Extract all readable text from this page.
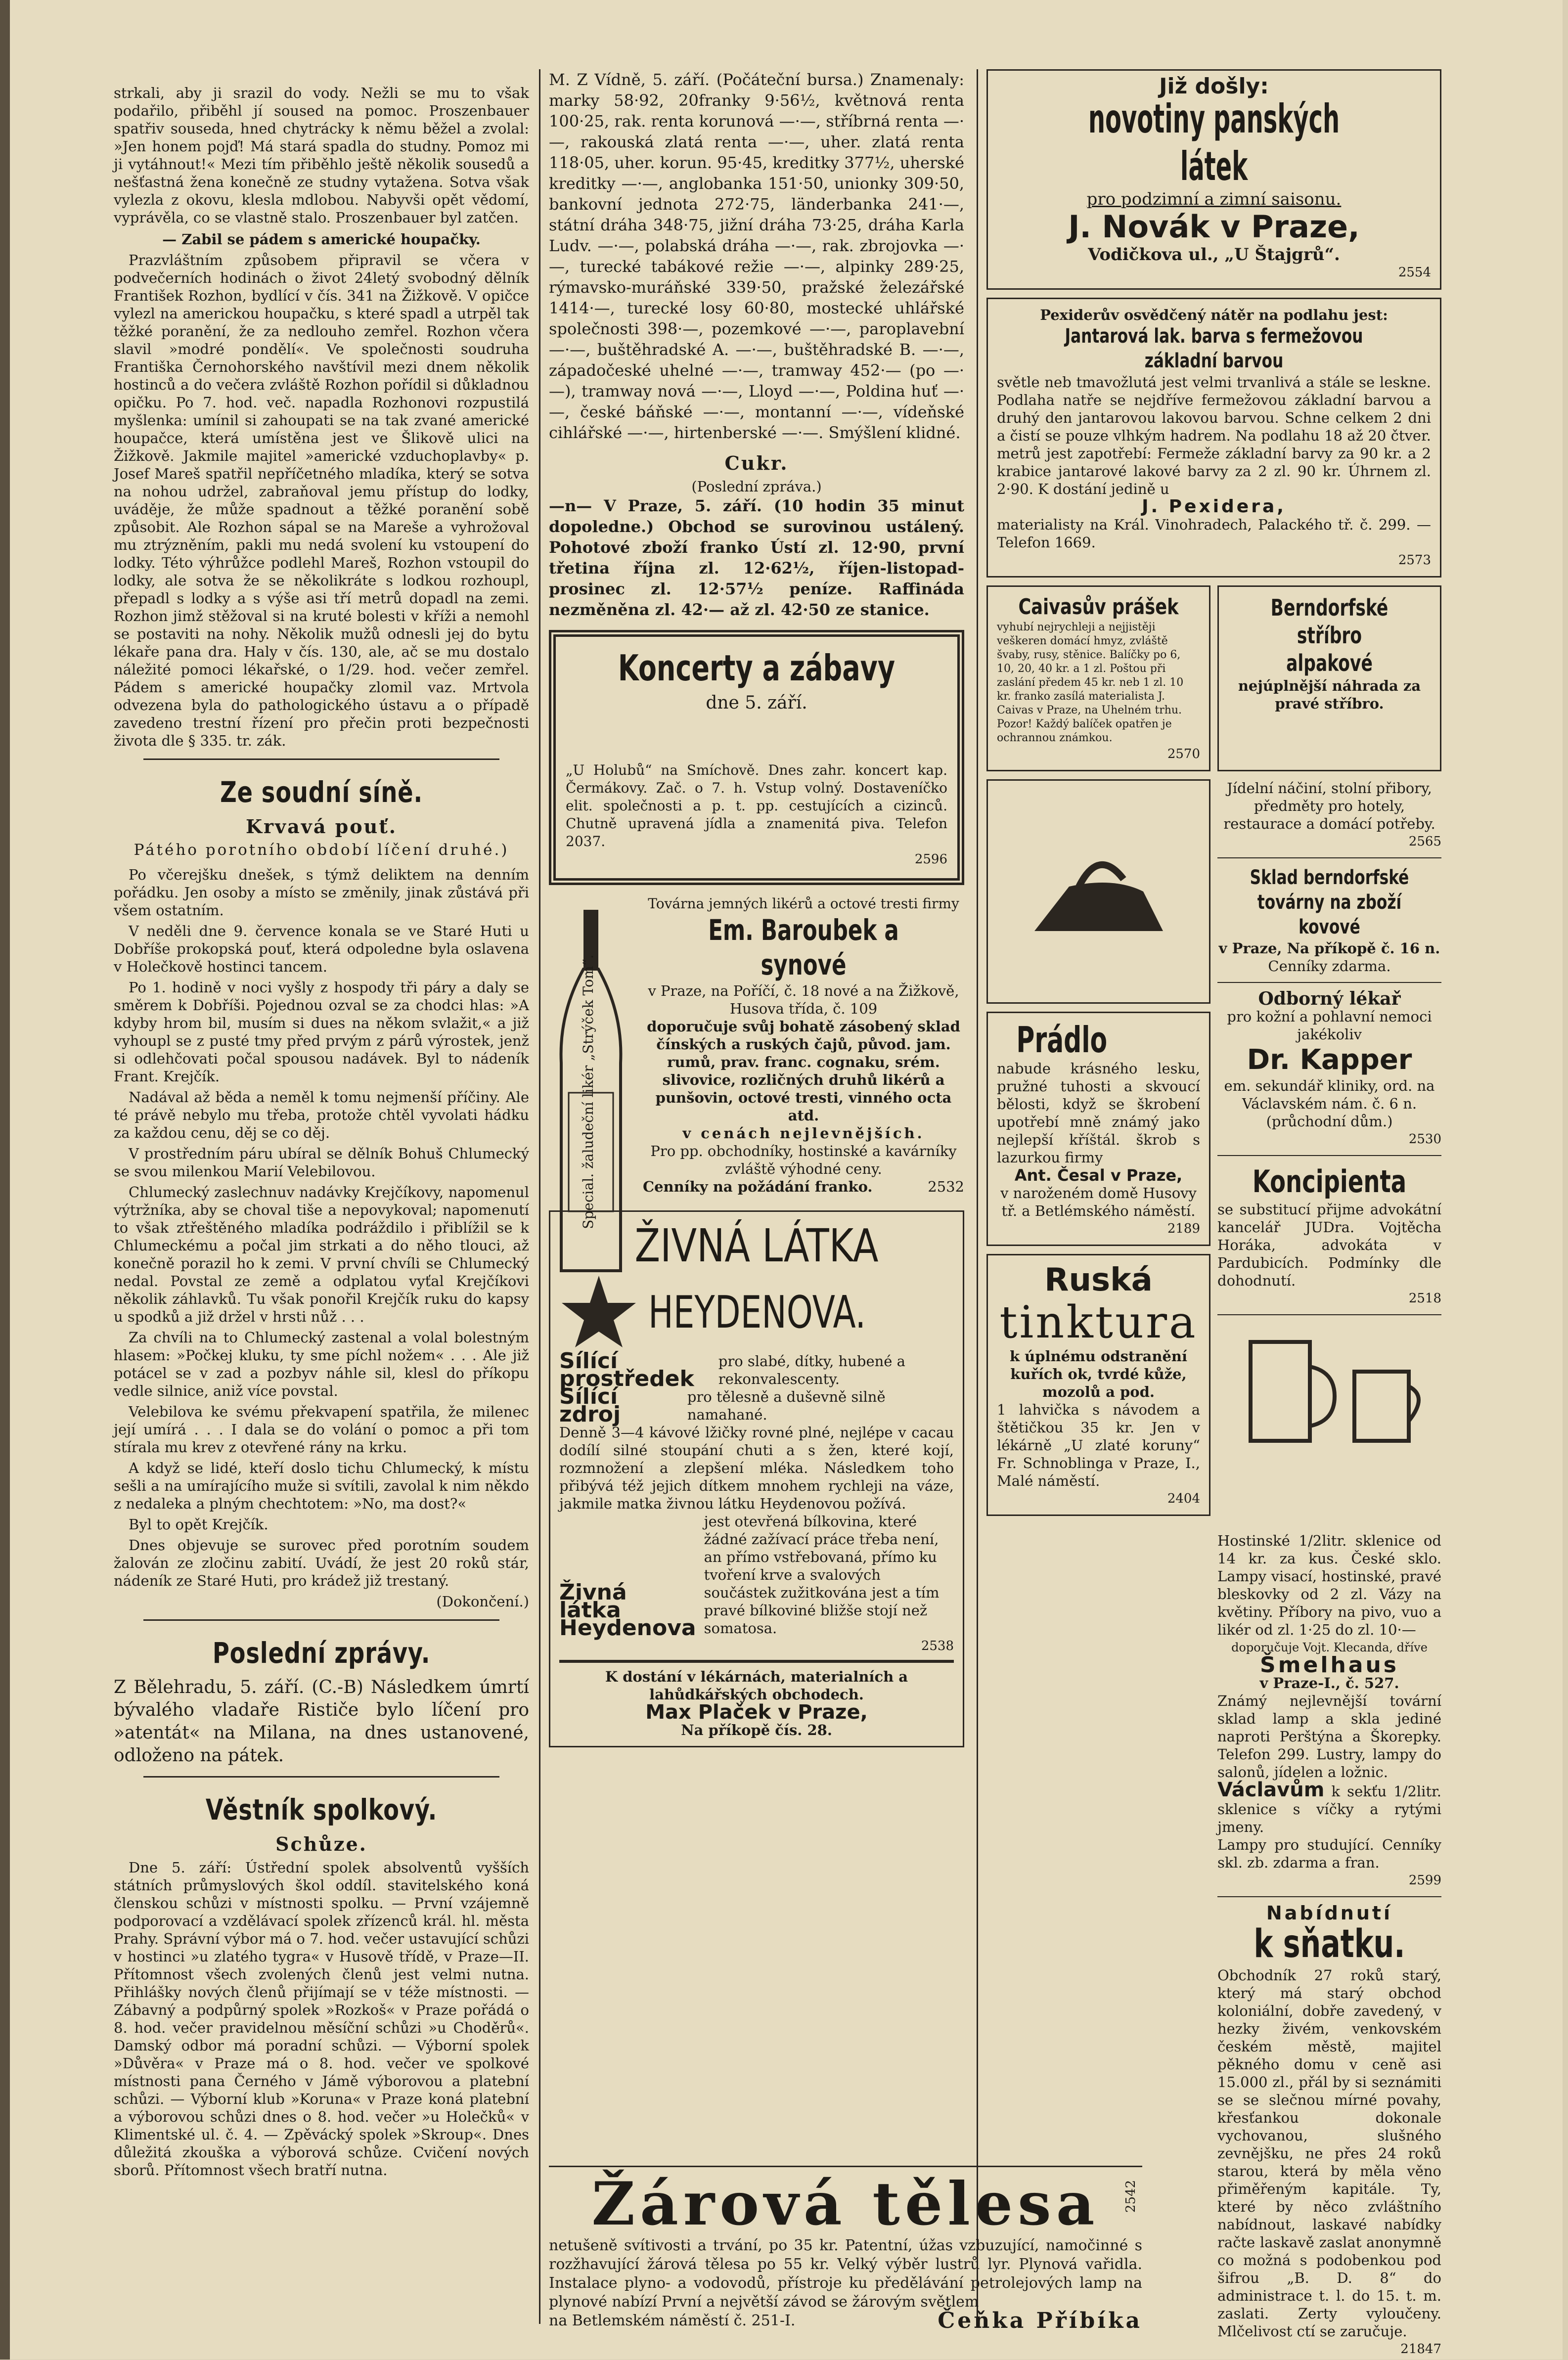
strkali, aby ji srazil do vody. Nežli se mu to však podařilo, přiběhl jí soused na pomoc. Proszenbauer spatřiv souseda, hned chytrácky k němu běžel a zvolal: »Jen honem pojď! Má stará spadla do studny. Pomoz mi ji vytáhnout!« Mezi tím přiběhlo ještě několik sousedů a nešťastná žena konečně ze studny vytažena. Sotva však vylezla z okovu, klesla mdlobou. Nabyvši opět vědomí, vyprávěla, co se vlastně stalo. Proszenbauer byl zatčen.

— Zabil se pádem s americké houpačky.

Prazvláštním způsobem připravil se včera v podvečerních hodinách o život 24letý svobodný dělník František Rozhon, bydlící v čís. 341 na Žižkově. V opičce vylezl na americkou houpačku, s které spadl a utrpěl tak těžké poranění, že za nedlouho zemřel. Rozhon včera slavil »modré pondělí«. Ve společnosti soudruha Františka Černohorského navštívil mezi dnem několik hostinců a do večera zvláště Rozhon pořídil si důkladnou opičku. Po 7. hod. več. napadla Rozhonovi rozpustilá myšlenka: umínil si zahoupati se na tak zvané americké houpačce, která umístěna jest ve Šlikově ulici na Žižkově. Jakmile majitel »americké vzduchoplavby« p. Josef Mareš spatřil nepříčetného mladíka, který se sotva na nohou udržel, zabraňoval jemu přístup do lodky, uváděje, že může spadnout a těžké poranění sobě způsobit. Ale Rozhon sápal se na Mareše a vyhrožoval mu ztrýzněním, pakli mu nedá svolení ku vstoupení do lodky. Této výhrůžce podlehl Mareš, Rozhon vstoupil do lodky, ale sotva že se několikráte s lodkou rozhoupl, přepadl s lodky a s výše asi tří metrů dopadl na zemi. Rozhon jimž stěžoval si na kruté bolesti v kříži a nemohl se postaviti na nohy. Několik mužů odnesli jej do bytu lékaře pana dra. Haly v čís. 130, ale, ač se mu dostalo náležité pomoci lékařské, o 1/29. hod. večer zemřel. Pádem s americké houpačky zlomil vaz. Mrtvola odvezena byla do pathologického ústavu a o případě zavedeno trestní řízení pro přečin proti bezpečnosti života dle § 335. tr. zák.

Ze soudní síně.
Krvavá pouť.
Pátého porotního období líčení druhé.)

Po včerejšku dnešek, s týmž deliktem na denním pořádku. Jen osoby a místo se změnily, jinak zůstává při všem ostatním.

V neděli dne 9. července konala se ve Staré Huti u Dobříše prokopská pouť, která odpoledne byla oslavena v Holečkově hostinci tancem.

Po 1. hodině v noci vyšly z hospody tři páry a daly se směrem k Dobříši. Pojednou ozval se za chodci hlas: »A kdyby hrom bil, musím si dues na někom svlažit,« a již vyhoupl se z pusté tmy před prvým z párů výrostek, jenž si odlehčovati počal spousou nadávek. Byl to nádeník Frant. Krejčík.

Nadával až běda a neměl k tomu nejmenší příčiny. Ale té právě nebylo mu třeba, protože chtěl vyvolati hádku za každou cenu, děj se co děj.

V prostředním páru ubíral se dělník Bohuš Chlumecký se svou milenkou Marií Velebilovou.

Chlumecký zaslechnuv nadávky Krejčíkovy, napomenul výtržníka, aby se choval tiše a nepovykoval; napomenutí to však ztřeštěného mladíka podráždilo i přiblížil se k Chlumeckému a počal jim strkati a do něho tlouci, až konečně porazil ho k zemi. V první chvíli se Chlumecký nedal. Povstal ze země a odplatou vyťal Krejčíkovi několik záhlavků. Tu však ponořil Krejčík ruku do kapsy u spodků a již držel v hrsti nůž . . .

Za chvíli na to Chlumecký zastenal a volal bolestným hlasem: »Počkej kluku, ty sme píchl nožem« . . . Ale již potácel se v zad a pozbyv náhle sil, klesl do příkopu vedle silnice, aniž více povstal.

Velebilova ke svému překvapení spatřila, že milenec její umírá . . . I dala se do volání o pomoc a při tom stírala mu krev z otevřené rány na krku.

A když se lidé, kteří doslo tichu Chlumecký, k místu sešli a na umírajícího muže si svítili, zavolal k nim někdo z nedaleka a plným chechtotem: »No, ma dost?«

Byl to opět Krejčík.

Dnes objevuje se surovec před porotním soudem žalován ze zločinu zabití. Uvádí, že jest 20 roků stár, nádeník ze Staré Huti, pro krádež již trestaný.

(Dokončení.)

Poslední zprávy.

Z Bělehradu, 5. září. (C.-B) Následkem úmrtí bývalého vladaře Rističe bylo líčení pro »atentát« na Milana, na dnes ustanovené, odloženo na pátek.

Věstník spolkový.
Schůze.

Dne 5. září: Ústřední spolek absolventů vyšších státních průmyslových škol oddíl. stavitelského koná členskou schůzi v místnosti spolku. — První vzájemně podporovací a vzdělávací spolek zřízenců král. hl. města Prahy. Správní výbor má o 7. hod. večer ustavující schůzi v hostinci »u zlatého tygra« v Husově třídě, v Praze—II. Přítomnost všech zvolených členů jest velmi nutna. Přihlášky nových členů přijímají se v téže místnosti. — Zábavný a podpůrný spolek »Rozkoš« v Praze pořádá o 8. hod. večer pravidelnou měsíční schůzi »u Choděrů«. Damský odbor má poradní schůzi. — Výborní spolek »Důvěra« v Praze má o 8. hod. večer ve spolkové místnosti pana Černého v Jámě výborovou a platební schůzi. — Výborní klub »Koruna« v Praze koná platební a výborovou schůzi dnes o 8. hod. večer »u Holečků« v Klimentské ul. č. 4. — Zpěvácký spolek »Skroup«. Dnes důležitá zkouška a výborová schůze. Cvičení nových sborů. Přítomnost všech bratří nutna.

M. Z Vídně, 5. září. (Počáteční bursa.) Znamenaly: marky 58·92, 20franky 9·56½, květnová renta 100·25, rak. renta korunová —·—, stříbrná renta —·—, rakouská zlatá renta —·—, uher. zlatá renta 118·05, uher. korun. 95·45, kreditky 377½, uherské kreditky —·—, anglobanka 151·50, unionky 309·50, bankovní jednota 272·75, länderbanka 241·—, státní dráha 348·75, jižní dráha 73·25, dráha Karla Ludv. —·—, polabská dráha —·—, rak. zbrojovka —·—, turecké tabákové režie —·—, alpinky 289·25, rýmavsko-muráňské 339·50, pražské železářské 1414·—, turecké losy 60·80, mostecké uhlářské společnosti 398·—, pozemkové —·—, paroplavební —·—, buštěhradské A. —·—, buštěhradské B. —·—, západočeské uhelné —·—, tramway 452·— (po —·—), tramway nová —·—, Lloyd —·—, Poldina huť —·—, české báňské —·—, montanní —·—, vídeňské cihlářské —·—, hirtenberské —·—. Smýšlení klidné.

Cukr.
(Poslední zpráva.)

—n— V Praze, 5. září. (10 hodin 35 minut dopoledne.) Obchod se surovinou ustálený. Pohotové zboží franko Ústí zl. 12·90, první třetina října zl. 12·62½, říjen-listopad-prosinec zl. 12·57½ peníze. Raffináda nezměněna zl. 42·— až zl. 42·50 ze stanice.

Koncerty a zábavy
dne 5. září.
„U Holubů“ na Smíchově. Dnes zahr. koncert kap. Čermákovy. Zač. o 7. h. Vstup volný. Dostaveníčko elit. společnosti a p. t. pp. cestujících a cizinců. Chutně upravená jídla a znamenitá piva. Telefon 2037.
2596
Special. žaludeční likér „Strýček Tom“.
Továrna jemných likérů a octové tresti firmy
Em. Baroubek a synové
v Praze, na Poříčí, č. 18 nové a na Žižkově, Husova třída, č. 109
doporučuje svůj bohatě zásobený sklad čínských a ruských čajů, původ. jam. rumů, prav. franc. cognaku, srém. slivovice, rozličných druhů likérů a punšovin, octové tresti, vinného octa atd.
v cenách nejlevnějších.
Pro pp. obchodníky, hostinské a kavárníky zvláště výhodné ceny.
Cenníky na požádání franko.	2532
ŽIVNÁ LÁTKA
HEYDENOVA.
Sílící prostředek
pro slabé, dítky, hubené a rekonvalescenty.
Sílící zdroj
pro tělesně a duševně silně namahané.
Denně 3—4 kávové lžičky rovné plné, nejlépe v cacau dodílí silné stoupání chuti a s žen, které kojí, rozmnožení a zlepšení mléka. Následkem toho přibývá též jejich dítkem mnohem rychleji na váze, jakmile matka živnou látku Heydenovou požívá.
Živná látka Heydenova
jest otevřená bílkovina, které žádné zažívací práce třeba není, an přímo vstřebovaná, přímo ku tvoření krve a svalových součástek zužitkována jest a tím pravé bílkoviné bližše stojí než somatosa.
2538
K dostání v lékárnách, materialních a lahůdkářských obchodech.
Max Plaček v Praze,
Na příkopě čís. 28.
Již došly:
novotiny panských látek
pro podzimní a zimní saisonu.
J. Novák v Praze,
Vodičkova ul., „U Štajgrů“.
2554
Pexiderův osvědčený nátěr na podlahu jest:
Jantarová lak. barva s fermežovou základní barvou
světle neb tmavožlutá jest velmi trvanlivá a stále se leskne. Podlaha natře se nejdříve fermežovou základní barvou a druhý den jantarovou lakovou barvou. Schne celkem 2 dni a čistí se pouze vlhkým hadrem. Na podlahu 18 až 20 čtver. metrů jest zapotřebí: Fermeže základní barvy za 90 kr. a 2 krabice jantarové lakové barvy za 2 zl. 90 kr. Úhrnem zl. 2·90. K dostání jedině u
J. Pexidera,
materialisty na Král. Vinohradech, Palackého tř. č. 299. — Telefon 1669.
2573
Caivasův prášek
vyhubí nejrychleji a nejjistěji veškeren domácí hmyz, zvláště švaby, rusy, stěnice. Balíčky po 6, 10, 20, 40 kr. a 1 zl. Poštou při zaslání předem 45 kr. neb 1 zl. 10 kr. franko zasílá materialista J. Caivas v Praze, na Uhelném trhu. Pozor! Každý balíček opatřen je ochrannou známkou.
2570
Berndorfské stříbro alpakové
nejúplnější náhrada za pravé stříbro.
Prádlo
nabude krásného lesku, pružné tuhosti a skvoucí bělosti, když se škrobení upotřebí mně známý jako nejlepší kříštál. škrob s lazurkou firmy
Ant. Česal v Praze,
v naroženém domě Husovy tř. a Betlémského náměstí.
2189
Ruská
tinktura
k úplnému odstranění kuřích ok, tvrdé kůže, mozolů a pod.
1 lahvička s návodem a štětičkou 35 kr. Jen v lékárně „U zlaté koruny“ Fr. Schnoblinga v Praze, I., Malé náměstí.
2404
Jídelní náčiní, stolní přibory, předměty pro hotely, restaurace a domácí potřeby.
2565
Sklad berndorfské továrny na zboží kovové
v Praze, Na příkopě č. 16 n.
Cenníky zdarma.
Odborný lékař
pro kožní a pohlavní nemoci jakékoliv
Dr. Kapper
em. sekundář kliniky, ord. na Václavském nám. č. 6 n. (průchodní dům.)
2530
Koncipienta
se substitucí přijme advokátní kancelář JUDra. Vojtěcha Horáka, advokáta v Pardubicích. Podmínky dle dohodnutí.
2518
Hostinské 1/2litr. sklenice od 14 kr. za kus. České sklo. Lampy visací, hostinské, pravé bleskovky od 2 zl. Vázy na květiny. Příbory na pivo, vuo a likér od zl. 1·25 do zl. 10·—
doporučuje Vojt. Klecanda, dříve
Šmelhaus
v Praze-I., č. 527.
Známý nejlevnější tovární sklad lamp a skla jediné naproti Perštýna a Škorepky. Telefon 299. Lustry, lampy do salonů, jídelen a ložnic.
Václavům k sekťu 1/2litr. sklenice s víčky a rytými jmeny.
Lampy pro studující. Cenníky skl. zb. zdarma a fran.
2599
Nabídnutí
k sňatku.
Obchodník 27 roků starý, který má starý obchod koloniální, dobře zavedený, v hezky živém, venkovském českém městě, majitel pěkného domu v ceně asi 15.000 zl., přál by si seznámiti se se slečnou mírné povahy, křesťankou dokonale vychovanou, slušného zevnějšku, ne přes 24 roků starou, která by měla věno přiměřeným kapitále. Ty, které by něco zvláštního nabídnout, laskavé nabídky račte laskavě zaslat anonymně co možná s podobenkou pod šifrou „B. D. 8“ do administrace t. l. do 15. t. m. zaslati. Zerty vyloučeny. Mlčelivost ctí se zaručuje.
21847
Žárová tělesa
netušeně svítivosti a trvání, po 35 kr. Patentní, úžas vzbuzující, namočinné s rozžhavující žárová tělesa po 55 kr. Velký výběr lustrů lyr. Plynová vařidla. Instalace plyno- a vodovodů, přístroje ku předělávání petrolejových lamp na plynové nabízí První a největší závod se žárovým světlem
na Betlemském náměstí č. 251-I.	Čeňka Příbíka
2542
